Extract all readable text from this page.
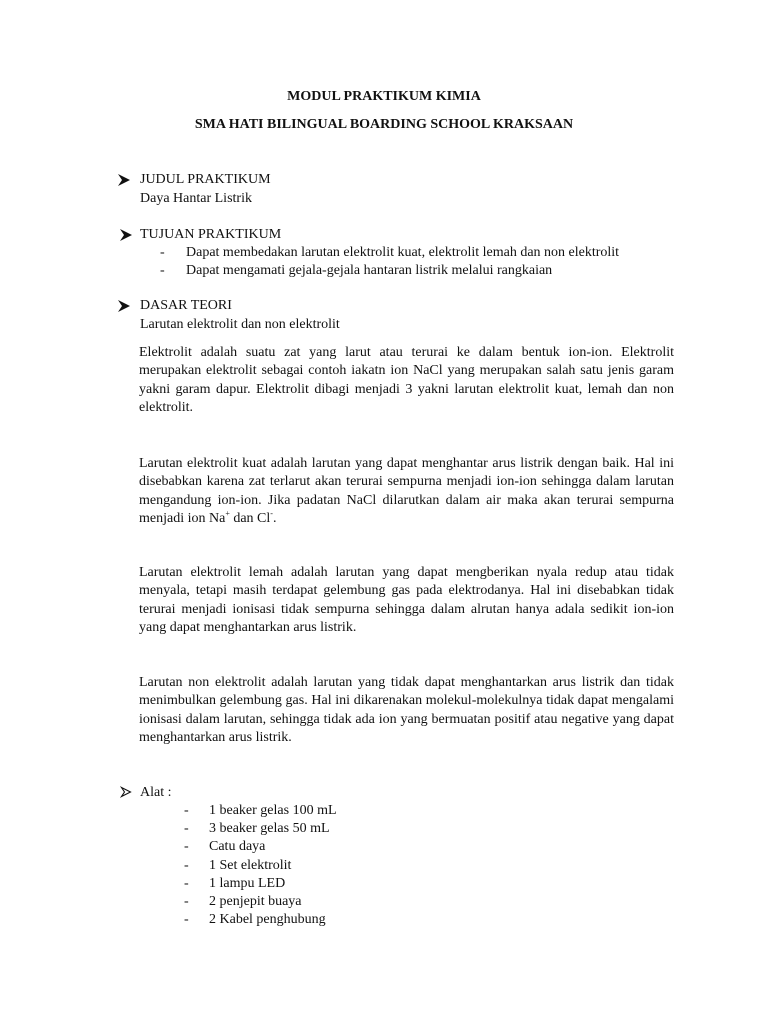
MODUL PRAKTIKUM KIMIA
SMA HATI BILINGUAL BOARDING SCHOOL KRAKSAAN
JUDUL PRAKTIKUM
Daya Hantar Listrik
TUJUAN PRAKTIKUM
- Dapat membedakan larutan elektrolit kuat, elektrolit lemah dan non elektrolit
- Dapat mengamati gejala-gejala hantaran listrik melalui rangkaian
DASAR TEORI
Larutan elektrolit dan non elektrolit
Elektrolit adalah suatu zat yang larut atau terurai ke dalam bentuk ion-ion. Elektrolit merupakan elektrolit sebagai contoh iakatn ion NaCl yang merupakan salah satu jenis garam yakni garam dapur. Elektrolit dibagi menjadi 3 yakni larutan elektrolit kuat, lemah dan non elektrolit.
Larutan elektrolit kuat adalah larutan yang dapat menghantar arus listrik dengan baik. Hal ini disebabkan karena zat terlarut akan terurai sempurna menjadi ion-ion sehingga dalam larutan mengandung ion-ion. Jika padatan NaCl dilarutkan dalam air maka akan terurai sempurna menjadi ion Na+ dan Cl-.
Larutan elektrolit lemah adalah larutan yang dapat mengberikan nyala redup atau tidak menyala, tetapi masih terdapat gelembung gas pada elektrodanya. Hal ini disebabkan tidak terurai menjadi ionisasi tidak sempurna sehingga dalam alrutan hanya adala sedikit ion-ion yang dapat menghantarkan arus listrik.
Larutan non elektrolit adalah larutan yang tidak dapat menghantarkan arus listrik dan tidak menimbulkan gelembung gas. Hal ini dikarenakan molekul-molekulnya tidak dapat mengalami ionisasi dalam larutan, sehingga tidak ada ion yang bermuatan positif atau negative yang dapat menghantarkan arus listrik.
Alat :
- 1 beaker gelas 100 mL
- 3 beaker gelas 50 mL
- Catu daya
- 1 Set elektrolit
- 1 lampu LED
- 2 penjepit buaya
- 2 Kabel penghubung
